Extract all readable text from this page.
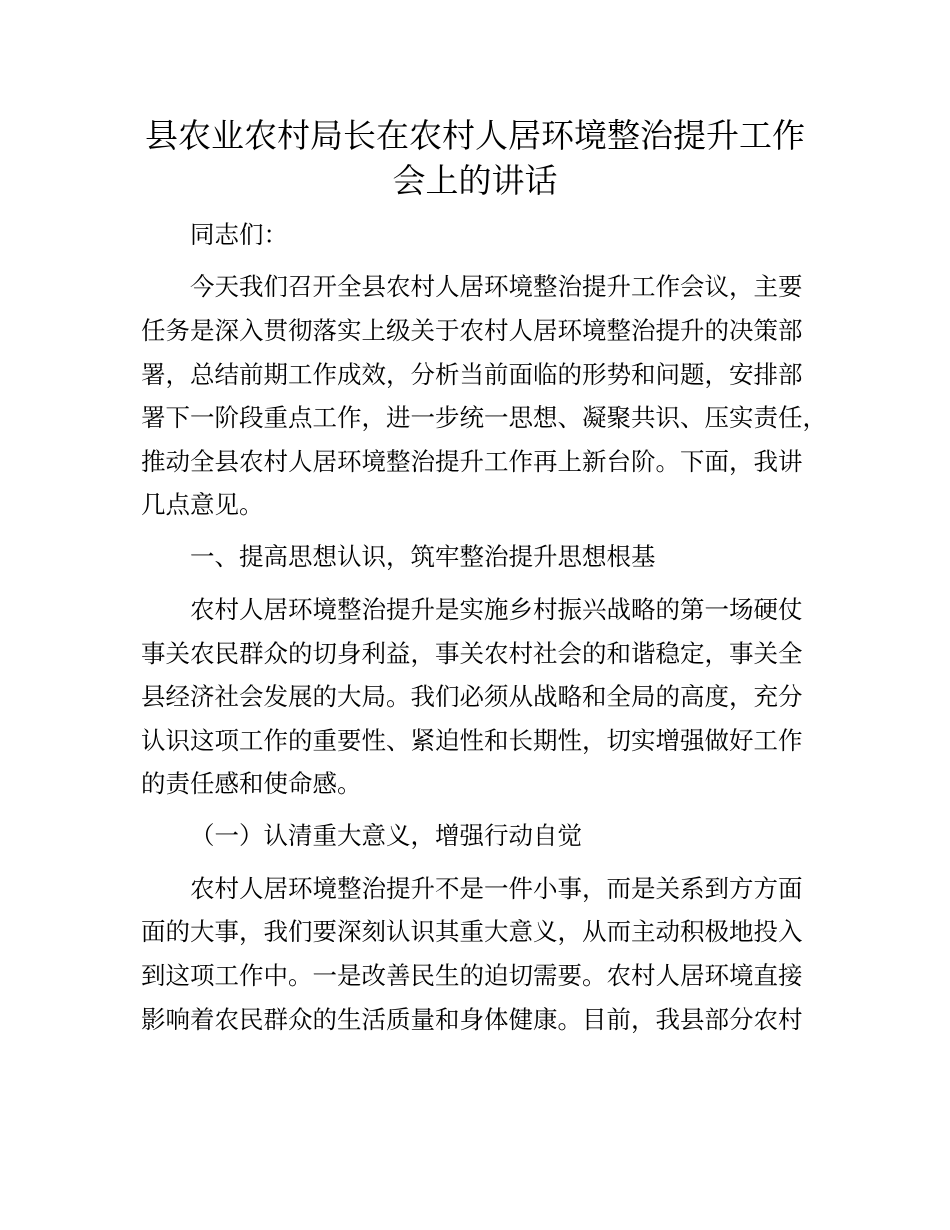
县农业农村局长在农村人居环境整治提升工作
会上的讲话

同志们：

今天我们召开全县农村人居环境整治提升工作会议，主要

任务是深入贯彻落实上级关于农村人居环境整治提升的决策部

署，总结前期工作成效，分析当前面临的形势和问题，安排部

署下一阶段重点工作，进一步统一思想、凝聚共识、压实责任，

推动全县农村人居环境整治提升工作再上新台阶。下面，我讲

几点意见。

一、提高思想认识，筑牢整治提升思想根基

农村人居环境整治提升是实施乡村振兴战略的第一场硬仗

事关农民群众的切身利益，事关农村社会的和谐稳定，事关全

县经济社会发展的大局。我们必须从战略和全局的高度，充分

认识这项工作的重要性、紧迫性和长期性，切实增强做好工作

的责任感和使命感。

（一）认清重大意义，增强行动自觉

农村人居环境整治提升不是一件小事，而是关系到方方面

面的大事，我们要深刻认识其重大意义，从而主动积极地投入

到这项工作中。一是改善民生的迫切需要。农村人居环境直接

影响着农民群众的生活质量和身体健康。目前，我县部分农村
